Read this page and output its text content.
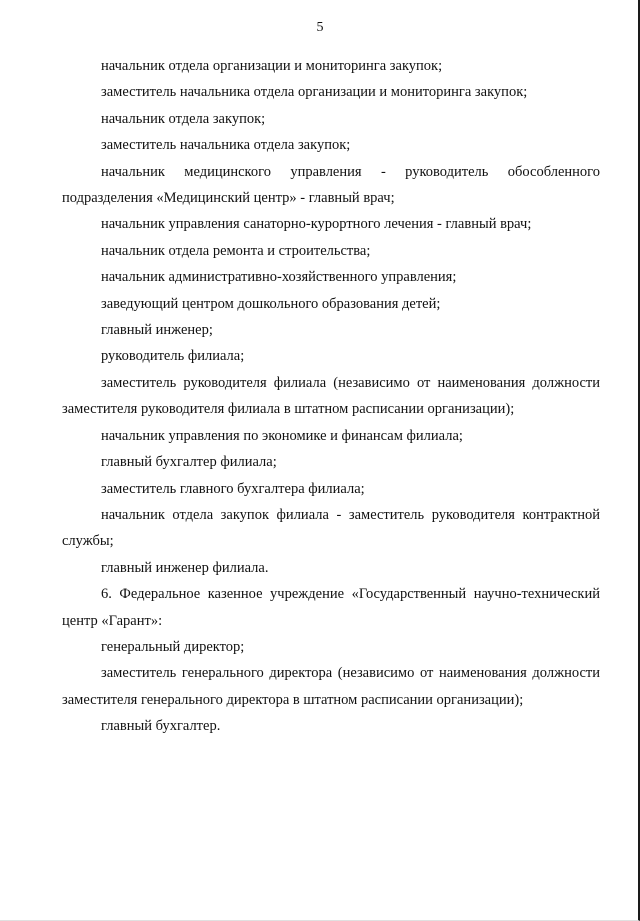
5

начальник отдела организации и мониторинга закупок;

заместитель начальника отдела организации и мониторинга закупок;

начальник отдела закупок;

заместитель начальника отдела закупок;

начальник медицинского управления - руководитель обособленного подразделения «Медицинский центр» - главный врач;

начальник управления санаторно-курортного лечения - главный врач;

начальник отдела ремонта и строительства;

начальник административно-хозяйственного управления;

заведующий центром дошкольного образования детей;

главный инженер;

руководитель филиала;

заместитель руководителя филиала (независимо от наименования должности заместителя руководителя филиала в штатном расписании организации);

начальник управления по экономике и финансам филиала;

главный бухгалтер филиала;

заместитель главного бухгалтера филиала;

начальник отдела закупок филиала - заместитель руководителя контрактной службы;

главный инженер филиала.

6. Федеральное казенное учреждение «Государственный научно-технический центр «Гарант»:

генеральный директор;

заместитель генерального директора (независимо от наименования должности заместителя генерального директора в штатном расписании организации);

главный бухгалтер.
